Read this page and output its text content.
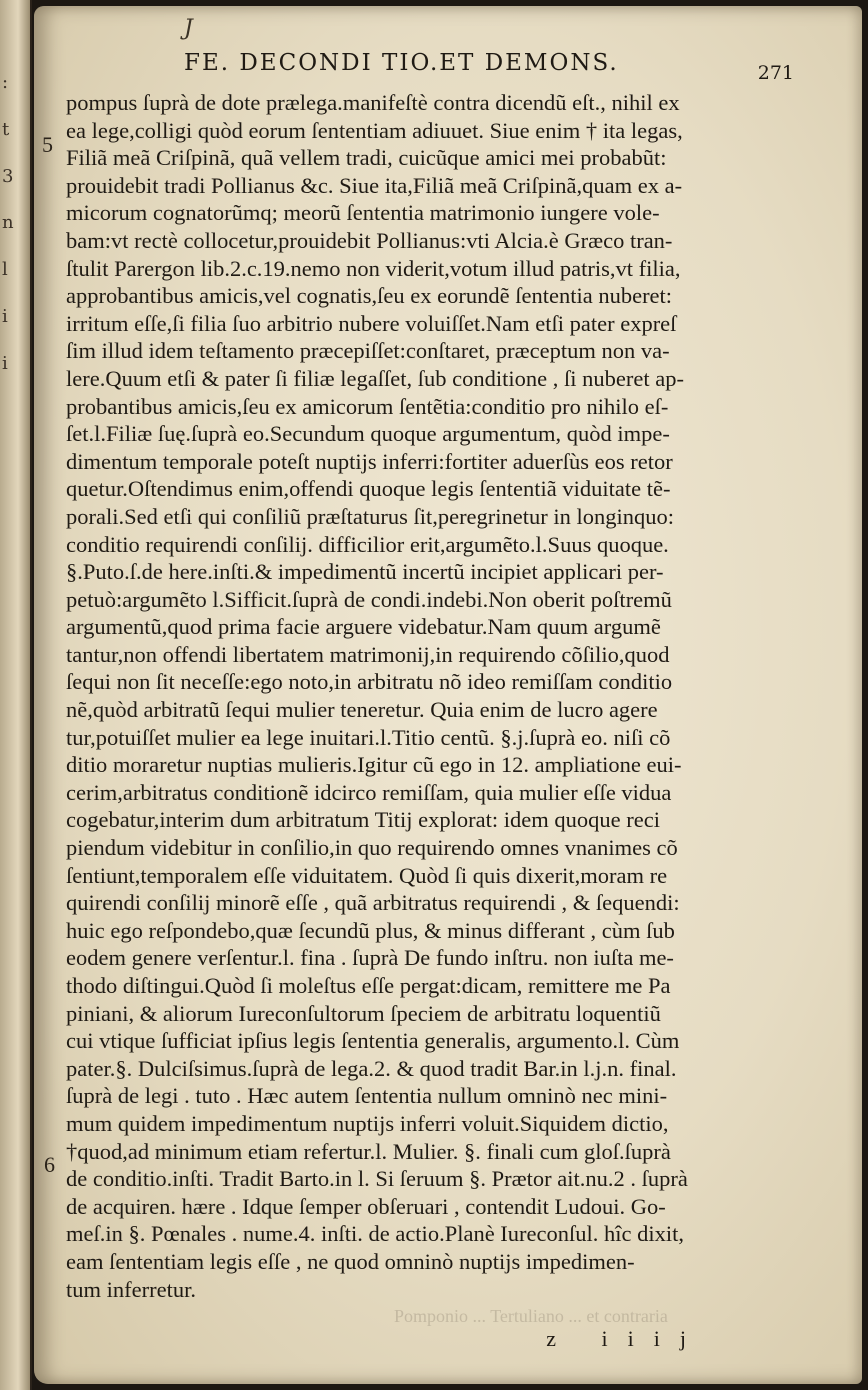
:
t
3
n
l
i
i
J
FE. DECONDI TIO.ET DEMONS.	271
5
6
pompus ſuprà de dote prælega.manifeſtè contra dicendũ eſt., nihil ex
ea lege,colligi quòd eorum ſententiam adiuuet. Siue enim † ita legas,
Filiã meã Criſpinã, quã vellem tradi, cuicũque amici mei probabũt:
prouidebit tradi Pollianus &c. Siue ita,Filiã meã Criſpinã,quam ex a-
micorum cognatorũmq; meorũ ſententia matrimonio iungere vole-
bam:vt rectè collocetur,prouidebit Pollianus:vti Alcia.è Græco tran-
ſtulit Parergon lib.2.c.19.nemo non viderit,votum illud patris,vt filia,
approbantibus amicis,vel cognatis,ſeu ex eorundẽ ſententia nuberet:
irritum eſſe,ſi filia ſuo arbitrio nubere voluiſſet.Nam etſi pater expreſ
ſim illud idem teſtamento præcepiſſet:conſtaret, præceptum non va-
lere.Quum etſi & pater ſi filiæ legaſſet, ſub conditione , ſi nuberet ap-
probantibus amicis,ſeu ex amicorum ſentẽtia:conditio pro nihilo eſ-
ſet.l.Filiæ ſuę.ſuprà eo.Secundum quoque argumentum, quòd impe-
dimentum temporale poteſt nuptijs inferri:fortiter aduerſùs eos retor
quetur.Oſtendimus enim,offendi quoque legis ſententiã viduitate tẽ-
porali.Sed etſi qui conſiliũ præſtaturus ſit,peregrinetur in longinquo:
conditio requirendi conſilij. difficilior erit,argumẽto.l.Suus quoque.
§.Puto.ſ.de here.inſti.& impedimentũ incertũ incipiet applicari per-
petuò:argumẽto l.Sifficit.ſuprà de condi.indebi.Non oberit poſtremũ
argumentũ,quod prima facie arguere videbatur.Nam quum argumẽ
tantur,non offendi libertatem matrimonij,in requirendo cõſilio,quod
ſequi non ſit neceſſe:ego noto,in arbitratu nõ ideo remiſſam conditio
nẽ,quòd arbitratũ ſequi mulier teneretur. Quia enim de lucro agere
tur,potuiſſet mulier ea lege inuitari.l.Titio centũ. §.j.ſuprà eo. niſi cõ
ditio moraretur nuptias mulieris.Igitur cũ ego in 12. ampliatione eui-
cerim,arbitratus conditionẽ idcirco remiſſam, quia mulier eſſe vidua
cogebatur,interim dum arbitratum Titij explorat: idem quoque reci
piendum videbitur in conſilio,in quo requirendo omnes vnanimes cõ
ſentiunt,temporalem eſſe viduitatem. Quòd ſi quis dixerit,moram re
quirendi conſilij minorẽ eſſe , quã arbitratus requirendi , & ſequendi:
huic ego reſpondebo,quæ ſecundũ plus, & minus differant , cùm ſub
eodem genere verſentur.l. fina . ſuprà De fundo inſtru. non iuſta me-
thodo diſtingui.Quòd ſi moleſtus eſſe pergat:dicam, remittere me Pa
piniani, & aliorum Iureconſultorum ſpeciem de arbitratu loquentiũ
cui vtique ſufficiat ipſius legis ſententia generalis, argumento.l. Cùm
pater.§. Dulciſsimus.ſuprà de lega.2. & quod tradit Bar.in l.j.n. final.
ſuprà de legi . tuto . Hæc autem ſententia nullum omninò nec mini-
mum quidem impedimentum nuptijs inferri voluit.Siquidem dictio,
†quod,ad minimum etiam refertur.l. Mulier. §. finali cum gloſ.ſuprà
de conditio.inſti. Tradit Barto.in l. Si ſeruum §. Prætor ait.nu.2 . ſuprà
de acquiren. hære . Idque ſemper obſeruari , contendit Ludoui. Go-
meſ.in §. Pœnales . nume.4. inſti. de actio.Planè Iureconſul. hîc dixit,
eam ſententiam legis eſſe , ne quod omninò nuptijs impedimen-
tum inferretur.
Pomponio ... Tertuliano ... et contraria
z iiij
